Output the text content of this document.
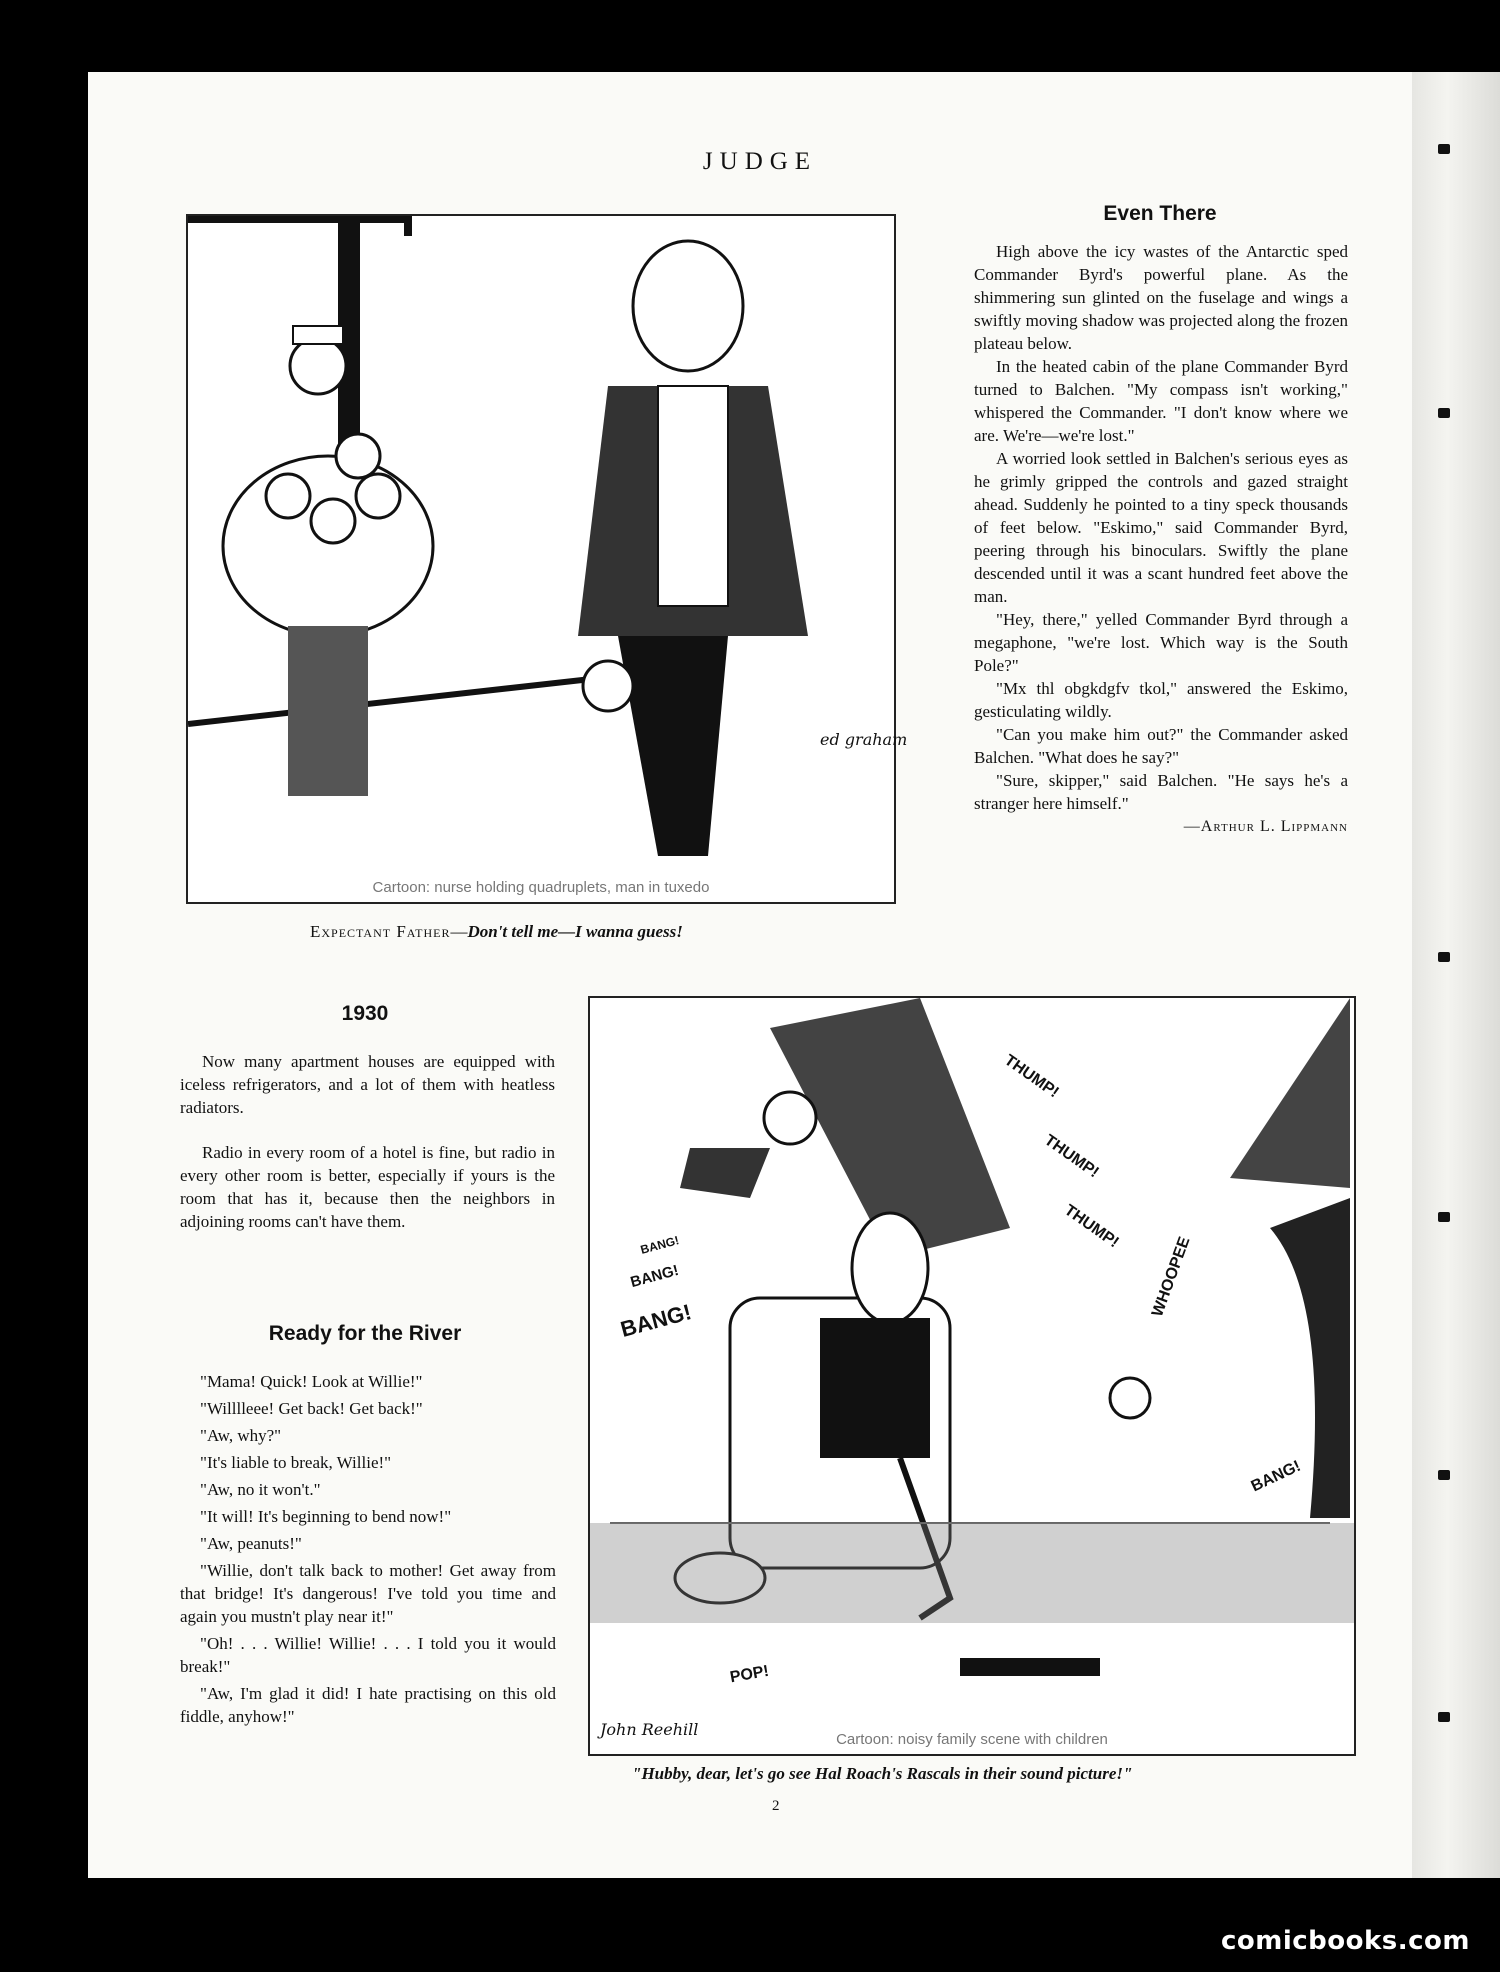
JUDGE
Cartoon: nurse holding quadruplets, man in tuxedo
ed graham
Expectant Father—Don't tell me—I wanna guess!
Even There

High above the icy wastes of the Antarctic sped Commander Byrd's powerful plane. As the shimmering sun glinted on the fuselage and wings a swiftly moving shadow was projected along the frozen plateau below.

In the heated cabin of the plane Commander Byrd turned to Balchen. "My compass isn't working," whispered the Commander. "I don't know where we are. We're—we're lost."

A worried look settled in Balchen's serious eyes as he grimly gripped the controls and gazed straight ahead. Suddenly he pointed to a tiny speck thousands of feet below. "Eskimo," said Commander Byrd, peering through his binoculars. Swiftly the plane descended until it was a scant hundred feet above the man.

"Hey, there," yelled Commander Byrd through a megaphone, "we're lost. Which way is the South Pole?"

"Mx thl obgkdgfv tkol," answered the Eskimo, gesticulating wildly.

"Can you make him out?" the Commander asked Balchen. "What does he say?"

"Sure, skipper," said Balchen. "He says he's a stranger here himself."

—Arthur L. Lippmann
1930

Now many apartment houses are equipped with iceless refrigerators, and a lot of them with heatless radiators.

Radio in every room of a hotel is fine, but radio in every other room is better, especially if yours is the room that has it, because then the neighbors in adjoining rooms can't have them.

Ready for the River

"Mama! Quick! Look at Willie!"

"Willlleee! Get back! Get back!"

"Aw, why?"

"It's liable to break, Willie!"

"Aw, no it won't."

"It will! It's beginning to bend now!"

"Aw, peanuts!"

"Willie, don't talk back to mother! Get away from that bridge! It's dangerous! I've told you time and again you mustn't play near it!"

"Oh! . . . Willie! Willie! . . . I told you it would break!"

"Aw, I'm glad it did! I hate practising on this old fiddle, anyhow!"

THUMP!
THUMP!
THUMP!
WHOOPEE
BANG!
BANG!
BANG!
BANG!
POP!
John Reehill
Cartoon: noisy family scene with children
"Hubby, dear, let's go see Hal Roach's Rascals in their sound picture!"
2
comicbooks.com
